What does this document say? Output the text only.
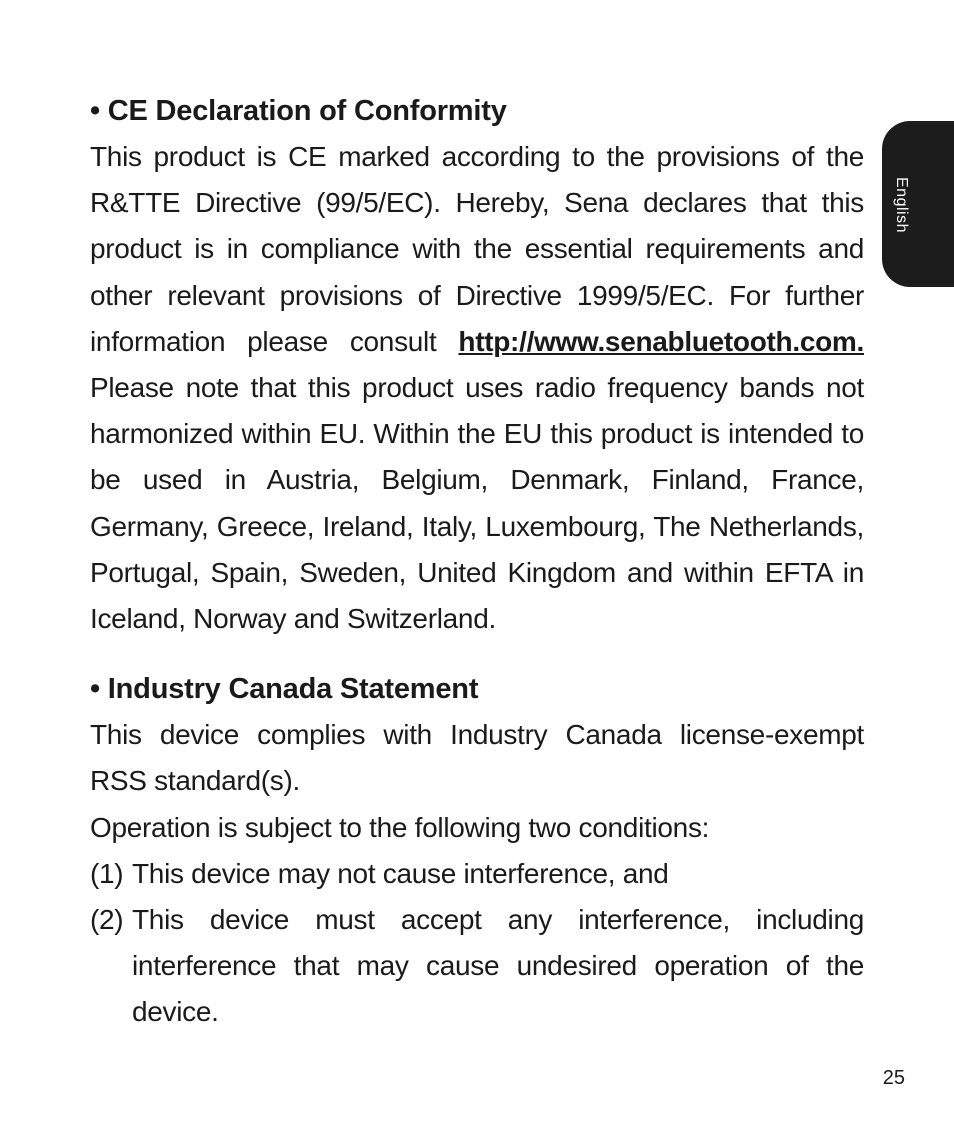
English
• CE Declaration of Conformity

This product is CE marked according to the provisions of the R&TTE Directive (99/5/EC). Hereby, Sena declares that this product is in compliance with the essential requirements and other relevant provisions of Directive 1999/5/EC. For further information please consult http://www.senabluetooth.com. Please note that this product uses radio frequency bands not harmonized within EU. Within the EU this product is intended to be used in Austria, Belgium, Denmark, Finland, France, Germany, Greece, Ireland, Italy, Luxembourg, The Netherlands, Portugal, Spain, Sweden, United Kingdom and within EFTA in Iceland, Norway and Switzerland.

• Industry Canada Statement

This device complies with Industry Canada license-exempt RSS standard(s).

Operation is subject to the following two conditions:

(1) This device may not cause interference, and
(2) This device must accept any interference, including interference that may cause undesired operation of the device.
25
